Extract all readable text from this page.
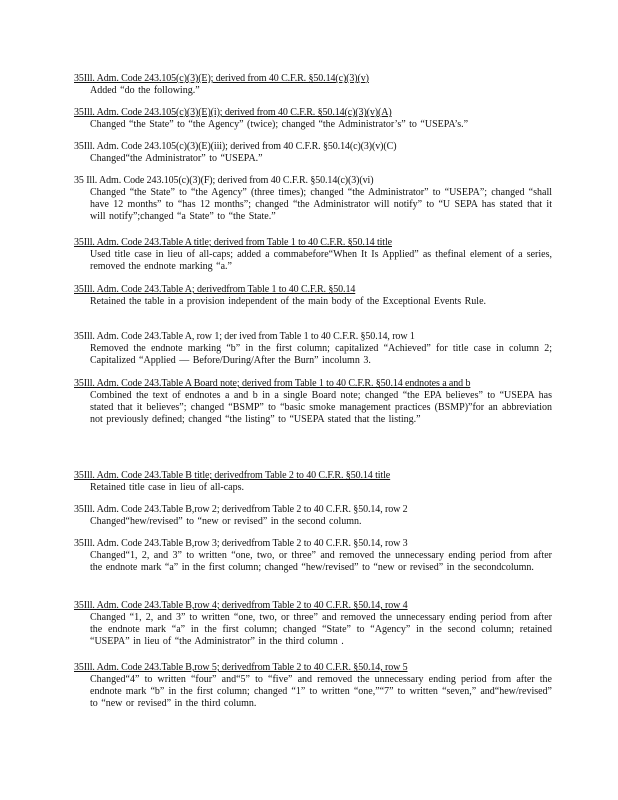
35Ill. Adm. Code 243.105(c)(3)(E); derived from 40 C.F.R. §50.14(c)(3)(v)
Added “do the following.”
35Ill. Adm. Code 243.105(c)(3)(E)(i); derived from 40 C.F.R. §50.14(c)(3)(v)(A)
Changed “the State” to “the Agency” (twice); changed “the Administrator’s” to “USEPA’s.”
35Ill. Adm. Code 243.105(c)(3)(E)(iii); derived from 40 C.F.R. §50.14(c)(3)(v)(C)
Changed“the Administrator” to “USEPA.”
35 Ill. Adm. Code 243.105(c)(3)(F); derived from 40 C.F.R. §50.14(c)(3)(vi)
Changed “the State” to “the Agency” (three times); changed “the Administrator” to “USEPA”; changed “shall have 12 months” to “has 12 months”; changed “the Administrator will notify” to “U SEPA has stated that it will notify”;changed “a State” to “the State.”
35Ill. Adm. Code 243.Table A title; derived from Table 1 to 40 C.F.R. §50.14 title
Used title case in lieu of all-caps; added a commabefore“When It Is Applied” as thefinal element of a series, removed the endnote marking “a.”
35Ill. Adm. Code 243.Table A; derivedfrom Table 1 to 40 C.F.R. §50.14
Retained the table in a provision independent of the main body of the Exceptional Events Rule.
35Ill. Adm. Code 243.Table A, row 1; der ived from Table 1 to 40 C.F.R. §50.14, row 1
Removed the endnote marking “b” in the first column; capitalized “Achieved” for title case in column 2; Capitalized “Applied — Before/During/After the Burn” incolumn 3.
35Ill. Adm. Code 243.Table A Board note; derived from Table 1 to 40 C.F.R. §50.14 endnotes a and b
Combined the text of endnotes a and b in a single Board note; changed “the EPA believes” to “USEPA has stated that it believes”; changed “BSMP” to “basic smoke management practices (BSMP)”for an abbreviation not previously defined; changed “the listing” to “USEPA stated that the listing.”
35Ill. Adm. Code 243.Table B title; derivedfrom Table 2 to 40 C.F.R. §50.14 title
Retained title case in lieu of all-caps.
35Ill. Adm. Code 243.Table B,row 2; derivedfrom Table 2 to 40 C.F.R. §50.14, row 2
Changed“hew/revised” to “new or revised” in the second column.
35Ill. Adm. Code 243.Table B,row 3; derivedfrom Table 2 to 40 C.F.R. §50.14, row 3
Changed“1, 2, and 3” to written “one, two, or three” and removed the unnecessary ending period from after the endnote mark “a” in the first column; changed “hew/revised” to “new or revised” in the secondcolumn.
35Ill. Adm. Code 243.Table B,row 4; derivedfrom Table 2 to 40 C.F.R. §50.14, row 4
Changed “1, 2, and 3” to written “one, two, or three” and removed the unnecessary ending period from after the endnote mark “a” in the first column; changed “State” to “Agency” in the second column; retained “USEPA” in lieu of “the Administrator” in the third column .
35Ill. Adm. Code 243.Table B,row 5; derivedfrom Table 2 to 40 C.F.R. §50.14, row 5
Changed“4” to written “four” and“5” to “five” and removed the unnecessary ending period from after the endnote mark “b” in the first column; changed “1” to written “one,”“7” to written “seven,” and“hew/revised” to “new or revised” in the third column.
